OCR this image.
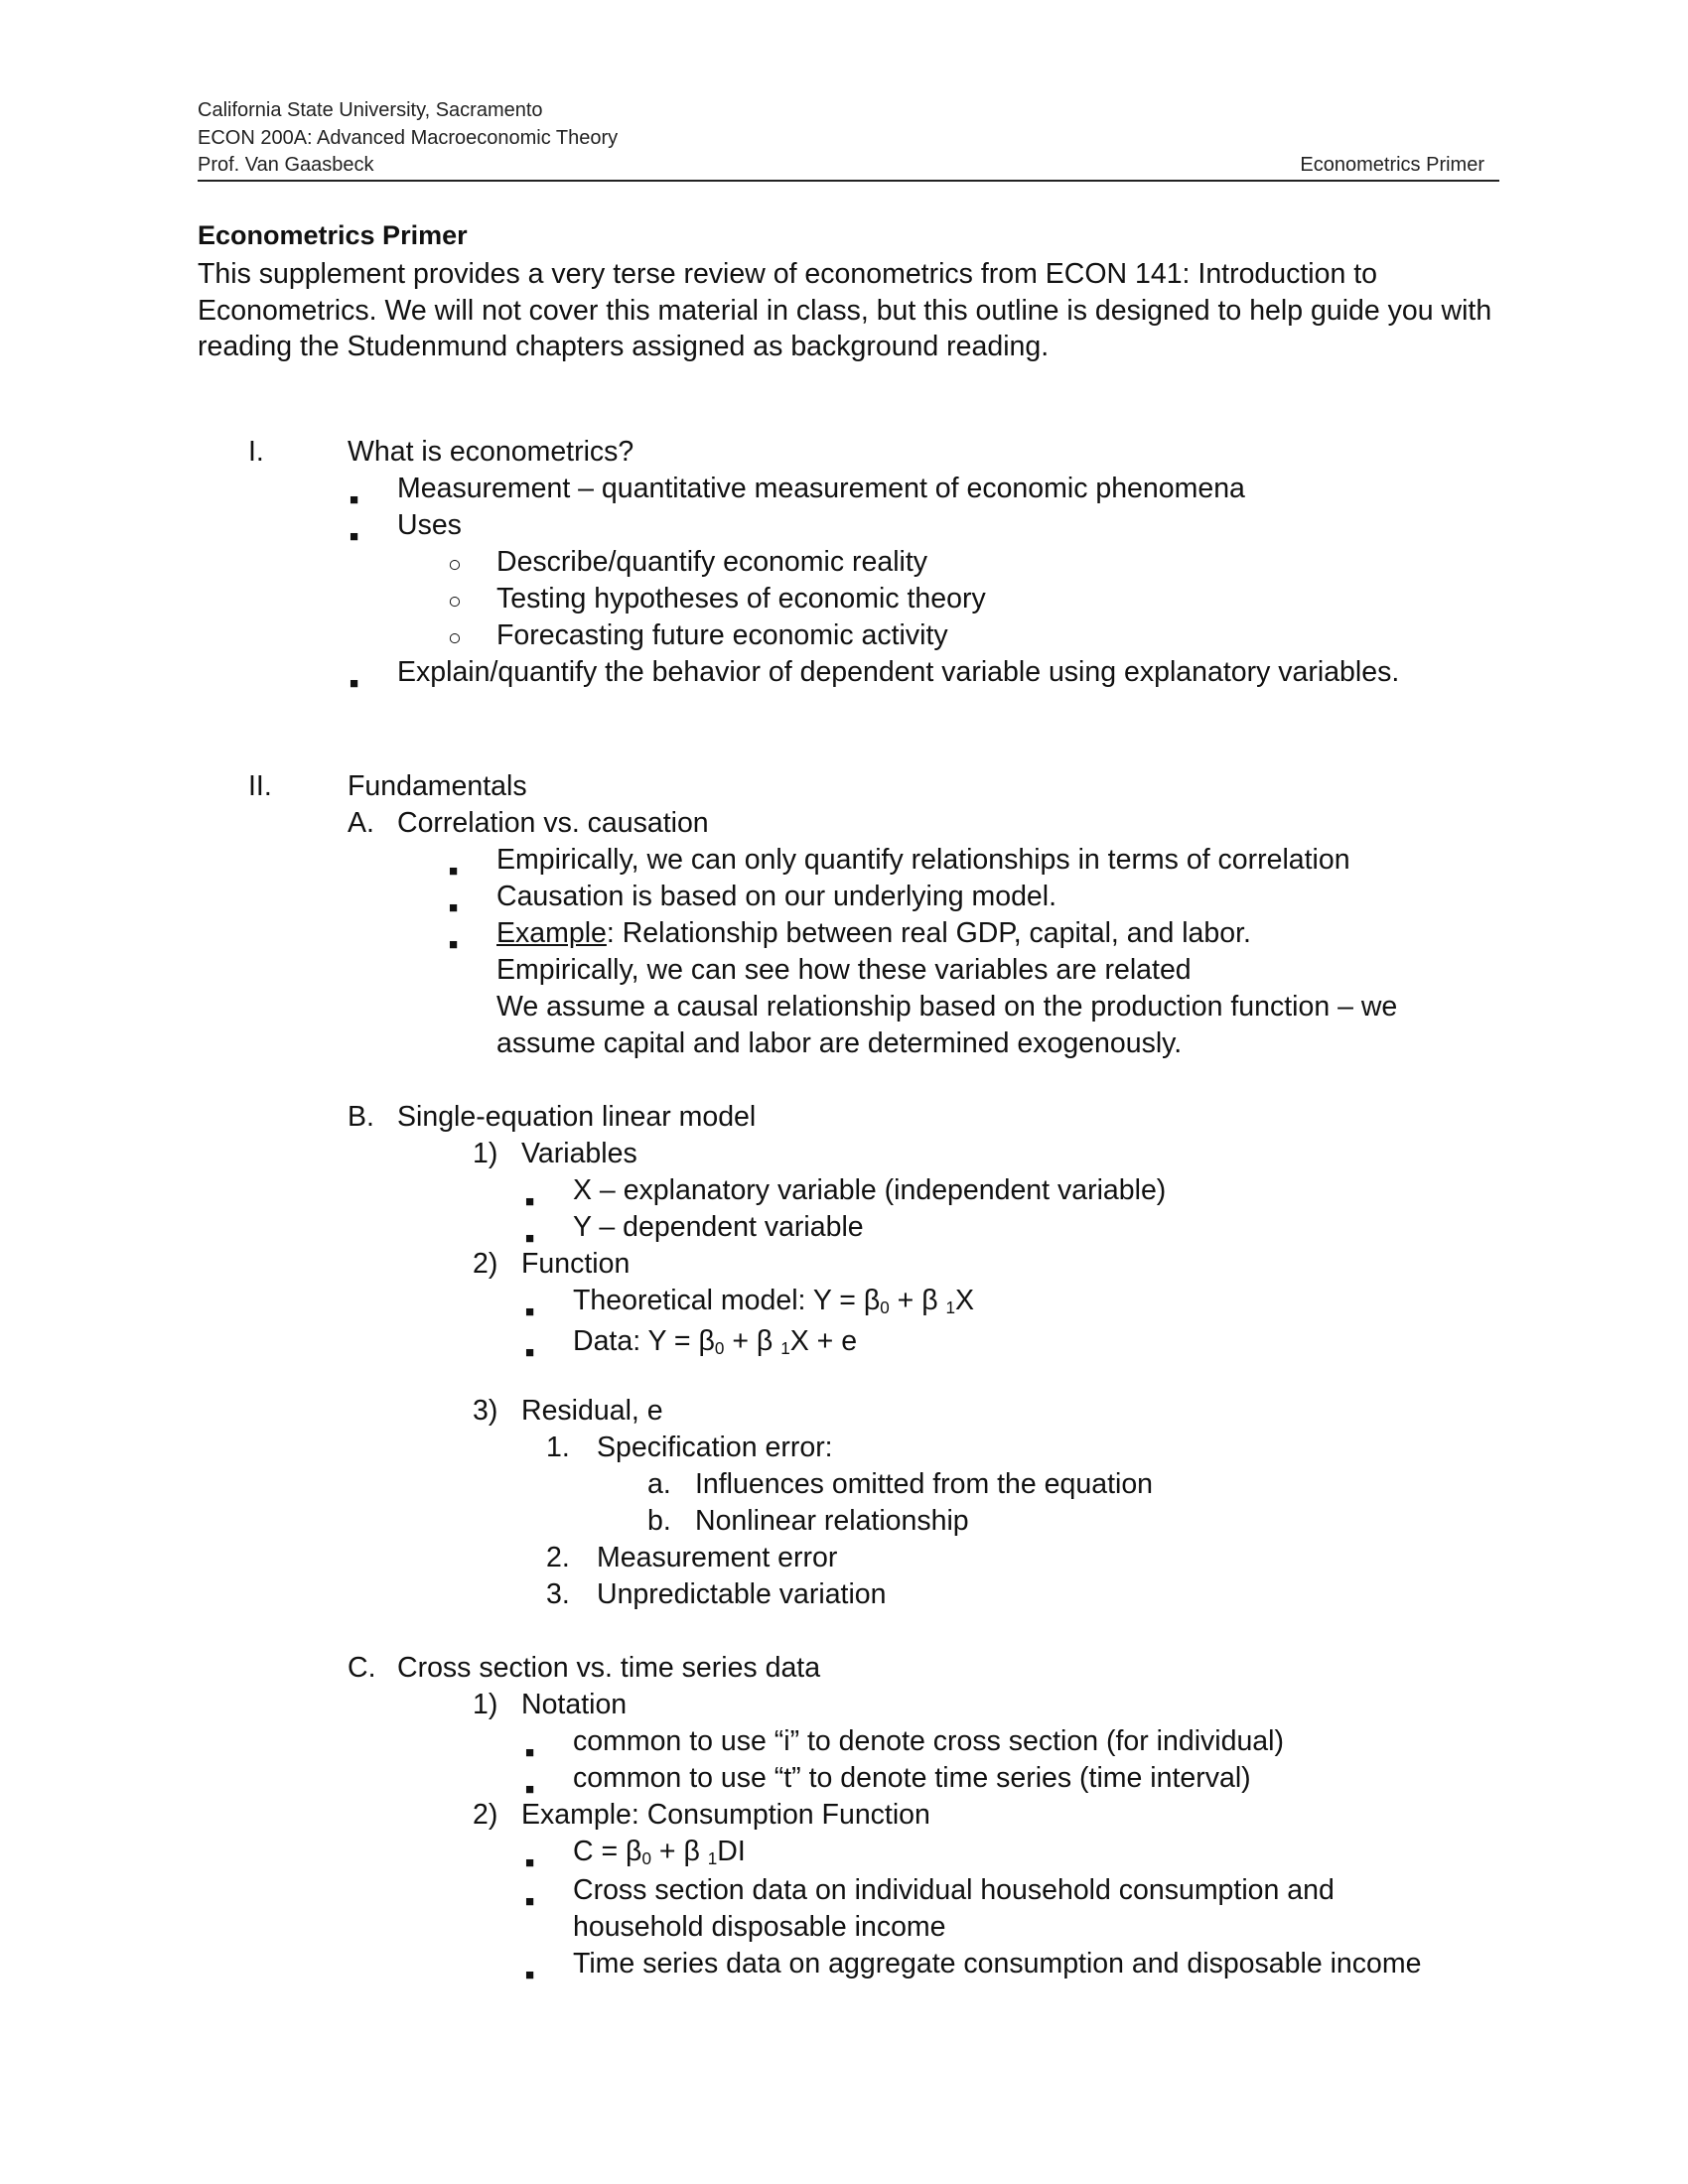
California State University, Sacramento
ECON 200A: Advanced Macroeconomic Theory
Prof. Van Gaasbeck	Econometrics Primer
Econometrics Primer
This supplement provides a very terse review of econometrics from ECON 141: Introduction to Econometrics. We will not cover this material in class, but this outline is designed to help guide you with reading the Studenmund chapters assigned as background reading.
I.	What is econometrics?
■ Measurement – quantitative measurement of economic phenomena
■ Uses
○ Describe/quantify economic reality
○ Testing hypotheses of economic theory
○ Forecasting future economic activity
■ Explain/quantify the behavior of dependent variable using explanatory variables.
II.	Fundamentals
A. Correlation vs. causation
■ Empirically, we can only quantify relationships in terms of correlation
■ Causation is based on our underlying model.
■ Example: Relationship between real GDP, capital, and labor.
Empirically, we can see how these variables are related
We assume a causal relationship based on the production function – we
assume capital and labor are determined exogenously.
B. Single-equation linear model
1) Variables
■ X – explanatory variable (independent variable)
■ Y – dependent variable
2) Function
■ Theoretical model: $Y = \beta_0 + \beta$ $_1$X
■ Data: $Y = \beta_0 + \beta$ $_1$X + e
3) Residual, e
1. Specification error:
a. Influences omitted from the equation
b. Nonlinear relationship
2. Measurement error
3. Unpredictable variation
C. Cross section vs. time series data
1) Notation
■ common to use “i” to denote cross section (for individual)
■ common to use “t” to denote time series (time interval)
2) Example: Consumption Function
■ $C = \beta_0 + \beta$ $_1$DI
■ Cross section data on individual household consumption and
household disposable income
■ Time series data on aggregate consumption and disposable income
